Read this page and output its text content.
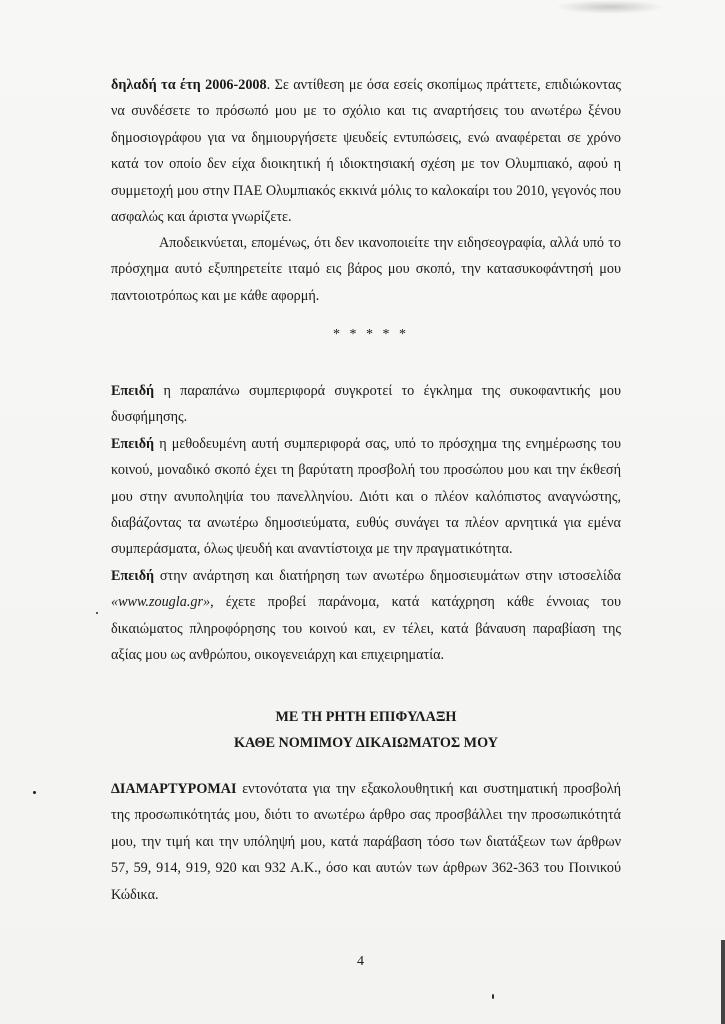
δηλαδή τα έτη 2006-2008. Σε αντίθεση με όσα εσείς σκοπίμως πράττετε, επιδιώκοντας να συνδέσετε το πρόσωπό μου με το σχόλιο και τις αναρτήσεις του ανωτέρω ξένου δημοσιογράφου για να δημιουργήσετε ψευδείς εντυπώσεις, ενώ αναφέρεται σε χρόνο κατά τον οποίο δεν είχα διοικητική ή ιδιοκτησιακή σχέση με τον Ολυμπιακό, αφού η συμμετοχή μου στην ΠΑΕ Ολυμπιακός εκκινά μόλις το καλοκαίρι του 2010, γεγονός που ασφαλώς και άριστα γνωρίζετε.

Αποδεικνύεται, επομένως, ότι δεν ικανοποιείτε την ειδησεογραφία, αλλά υπό το πρόσχημα αυτό εξυπηρετείτε ιταμό εις βάρος μου σκοπό, την κατασυκοφάντησή μου παντοιοτρόπως και με κάθε αφορμή.

* * * * *

Επειδή η παραπάνω συμπεριφορά συγκροτεί το έγκλημα της συκοφαντικής μου δυσφήμησης.

Επειδή η μεθοδευμένη αυτή συμπεριφορά σας, υπό το πρόσχημα της ενημέρωσης του κοινού, μοναδικό σκοπό έχει τη βαρύτατη προσβολή του προσώπου μου και την έκθεσή μου στην ανυποληψία του πανελληνίου. Διότι και ο πλέον καλόπιστος αναγνώστης, διαβάζοντας τα ανωτέρω δημοσιεύματα, ευθύς συνάγει τα πλέον αρνητικά για εμένα συμπεράσματα, όλως ψευδή και αναντίστοιχα με την πραγματικότητα.

Επειδή στην ανάρτηση και διατήρηση των ανωτέρω δημοσιευμάτων στην ιστοσελίδα «www.zougla.gr», έχετε προβεί παράνομα, κατά κατάχρηση κάθε έννοιας του δικαιώματος πληροφόρησης του κοινού και, εν τέλει, κατά βάναυση παραβίαση της αξίας μου ως ανθρώπου, οικογενειάρχη και επιχειρηματία.

ΜΕ ΤΗ ΡΗΤΗ ΕΠΙΦΥΛΑΞΗ
ΚΑΘΕ ΝΟΜΙΜΟΥ ΔΙΚΑΙΩΜΑΤΟΣ ΜΟΥ

ΔΙΑΜΑΡΤΥΡΟΜΑΙ εντονότατα για την εξακολουθητική και συστηματική προσβολή της προσωπικότητάς μου, διότι το ανωτέρω άρθρο σας προσβάλλει την προσωπικότητά μου, την τιμή και την υπόληψή μου, κατά παράβαση τόσο των διατάξεων των άρθρων 57, 59, 914, 919, 920 και 932 Α.Κ., όσο και αυτών των άρθρων 362-363 του Ποινικού Κώδικα.

4
